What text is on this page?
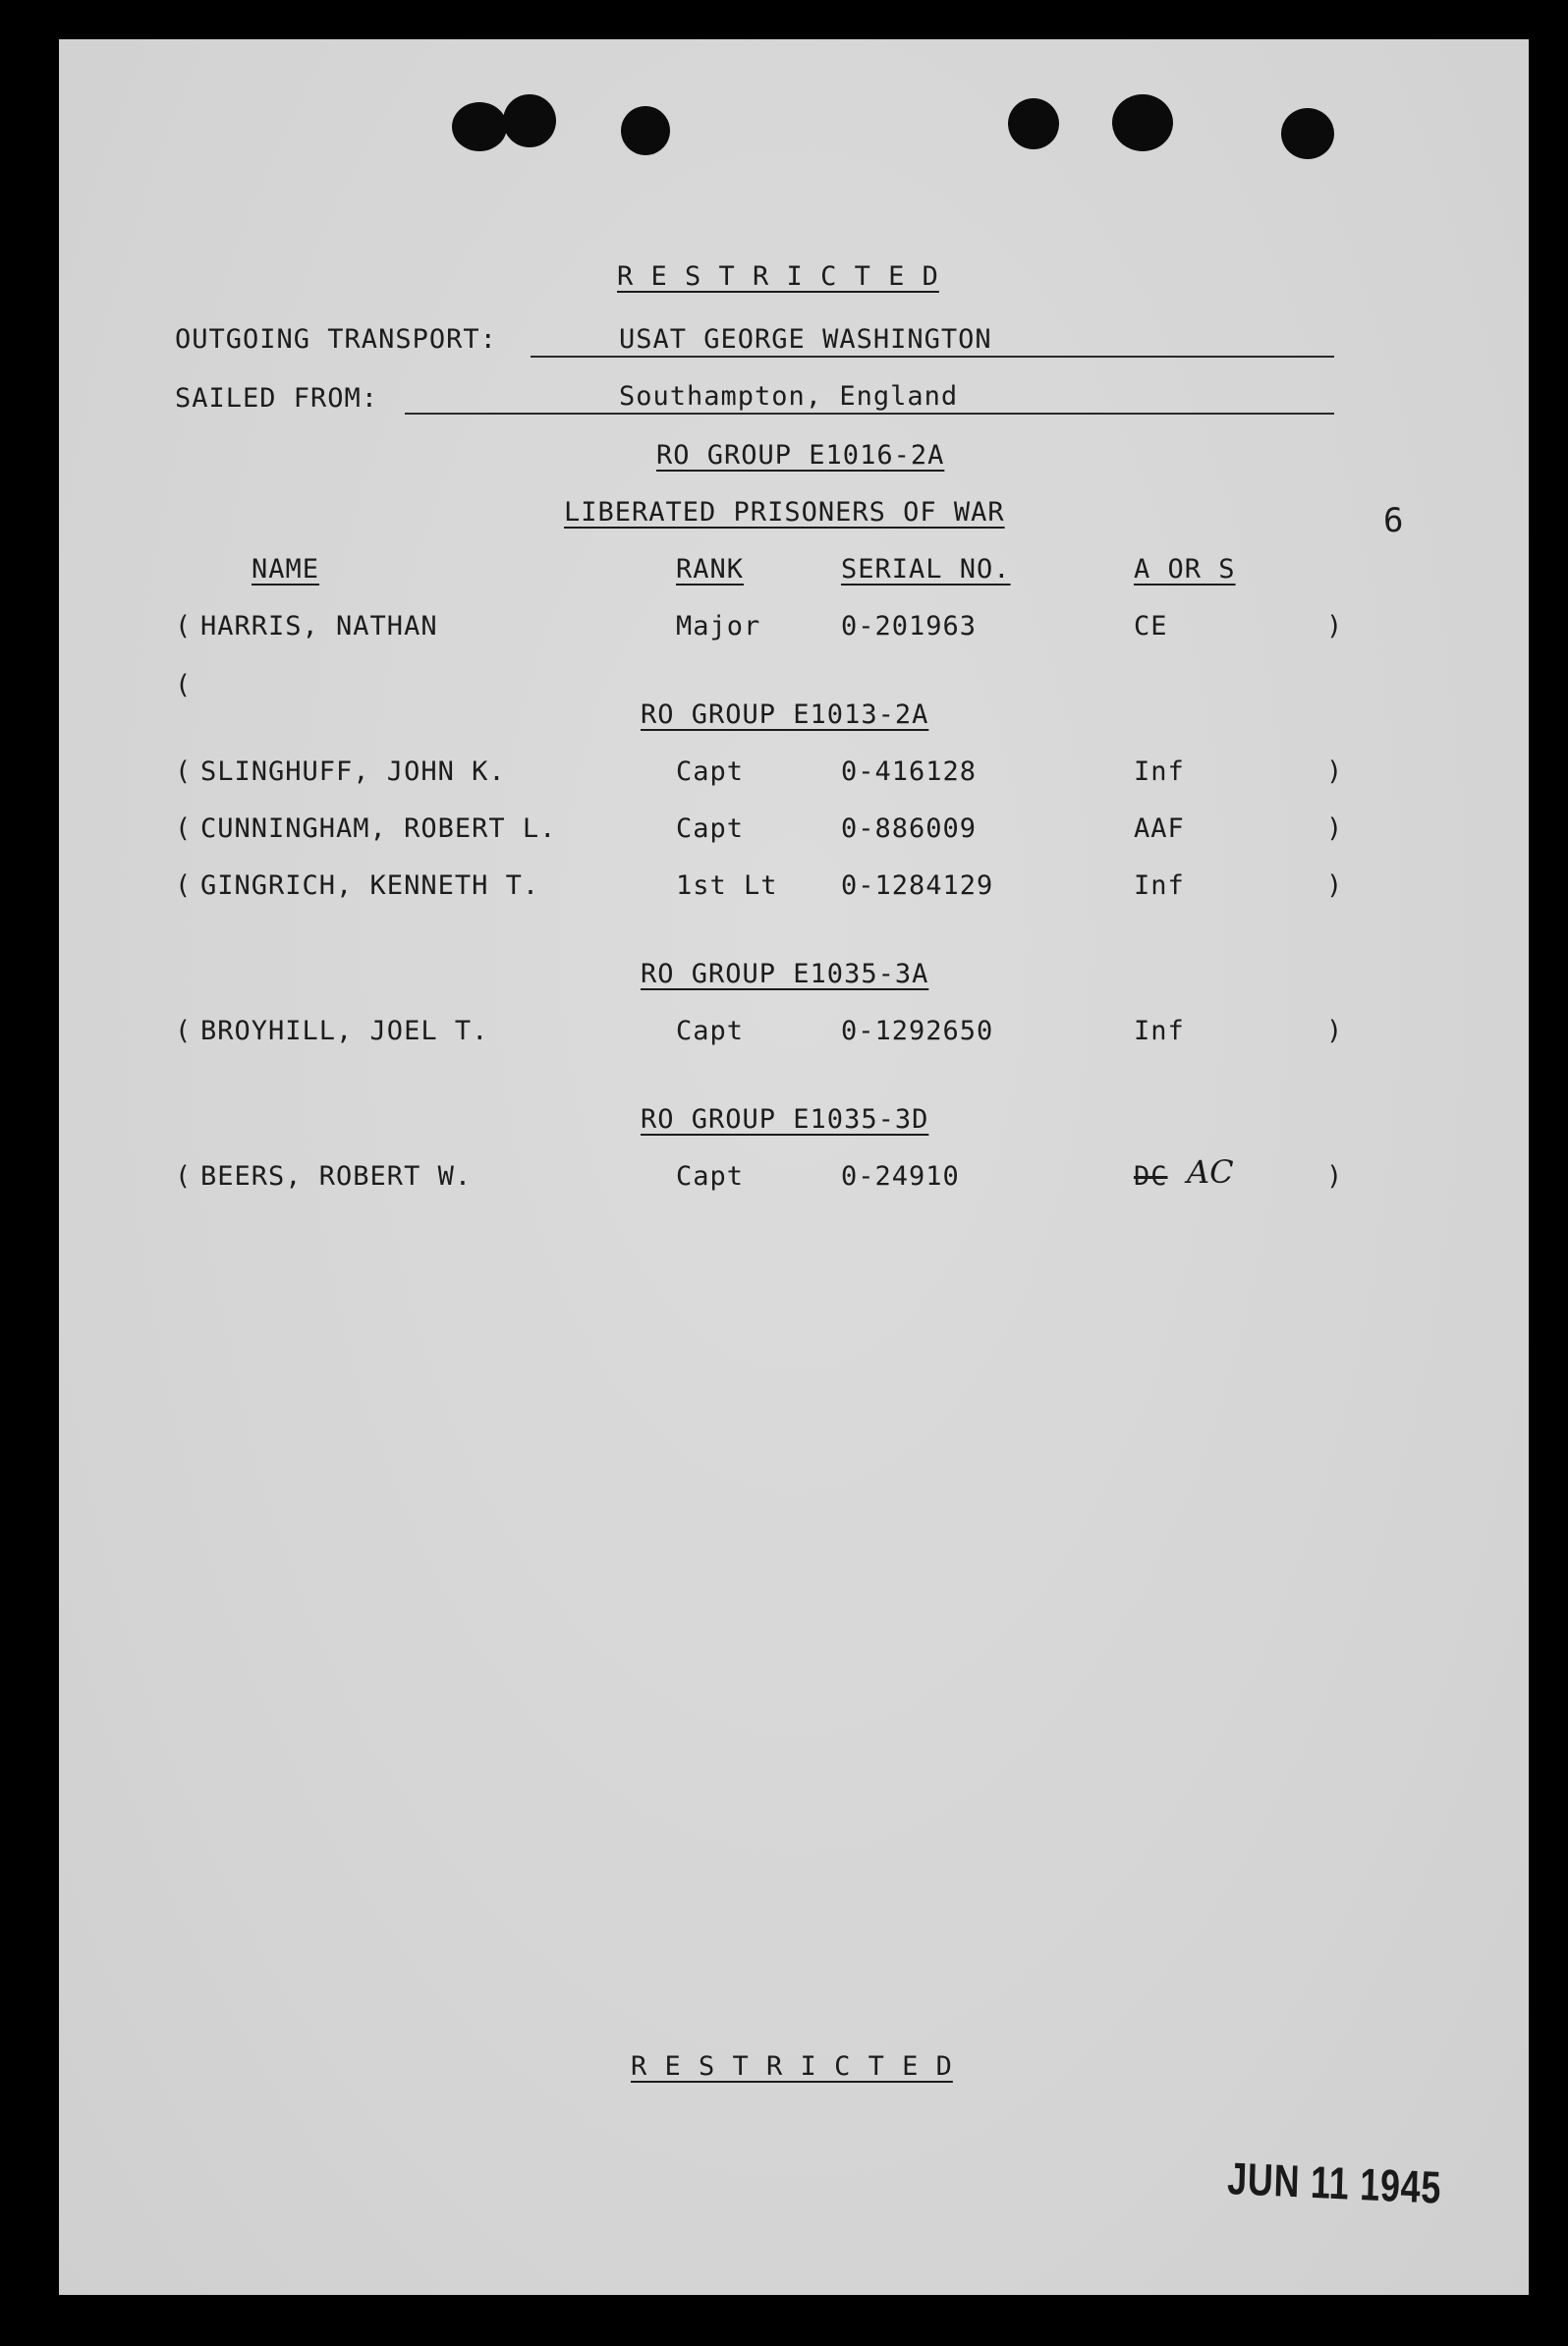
R E S T R I C T E D
OUTGOING TRANSPORT:	USAT GEORGE WASHINGTON
SAILED FROM:	Southampton, England
RO GROUP E1016-2A
LIBERATED PRISONERS OF WAR	6
NAME	RANK	SERIAL NO.	A OR S
( HARRIS, NATHAN	Major	0-201963	CE	)
(
RO GROUP E1013-2A
( SLINGHUFF, JOHN K.	Capt	0-416128	Inf	)
( CUNNINGHAM, ROBERT L.	Capt	0-886009	AAF	)
( GINGRICH, KENNETH T.	1st Lt 0-1284129	Inf	)
RO GROUP E1035-3A
( BROYHILL, JOEL T.	Capt	0-1292650	Inf	)
RO GROUP E1035-3D
( BEERS, ROBERT W.	Capt	0-24910	DC AC	)
R E S T R I C T E D
JUN 11 1945
